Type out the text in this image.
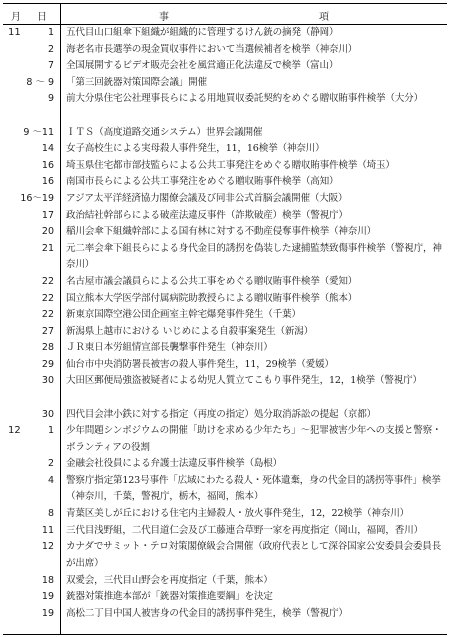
月 日	事	項
11	1 五代目山口組傘下組織が組織的に管理するけん銃の摘発（静岡）
2 海老名市長選挙の現金買収事件において当選候補者を検挙（神奈川）
7 全国展開するビデオ販売会社を風営適正化法違反で検挙（富山）
8 ～ 9 「第三回銃器対策国際会議」開催
9 前大分県住宅公社理事長らによる用地買収委託契約をめぐる贈収賄事件検挙（大分）
9 ～11 ＩＴＳ（高度道路交通システム）世界会議開催
14 女子高校生による実母殺人事件発生，11，16検挙（神奈川）
16 埼玉県住宅都市部技監らによる公共工事発注をめぐる贈収賄事件検挙（埼玉）
16 南国市長らによる公共工事発注をめぐる贈収賄事件検挙（高知）
16～19 アジア太平洋経済協力閣僚会議及び同非公式首脳会議開催（大阪）
17 政治結社幹部らによる破産法違反事件（詐欺破産）検挙（警視庁）
20 稲川会傘下組織幹部による国有林に対する不動産侵奪事件検挙（神奈川）
21 元二率会傘下組長らによる身代金目的誘拐を偽装した逮捕監禁致傷事件検挙（警視庁，神奈川）
22 名古屋市議会議員らによる公共工事をめぐる贈収賄事件検挙（愛知）
22 国立熊本大学医学部付属病院助教授らによる贈収賄事件検挙（熊本）
22 新東京国際空港公団企画室主幹宅爆発事件発生（千葉）
27 新潟県上越市における いじめによる自殺事案発生（新潟）
28 ＪＲ東日本労組情宣部長襲撃事件発生（神奈川）
29 仙台市中央消防署長被害の殺人事件発生，11，29検挙（愛媛）
30 大田区郵便局強盗被疑者による幼児人質立てこもり事件発生，12，1検挙（警視庁）
30 四代目会津小鉄に対する指定（再度の指定）処分取消訴訟の提起（京都）
12	1 少年問題シンポジウムの開催「助けを求める少年たち」～犯罪被害少年への支援と警察・ボランティアの役割
2 金融会社役員による弁護士法違反事件検挙（島根）
4 警察庁指定第123号事件「広域にわたる殺人・死体遺棄，身の代金目的誘拐等事件」検挙（神奈川，千葉，警視庁，栃木，福岡，熊本）
8 青葉区美しが丘における住宅内主婦殺人・放火事件発生，12，22検挙（神奈川）
11 三代目浅野組，二代目道仁会及び工藤連合草野一家を再度指定（岡山，福岡，香川）
12 カナダでサミット・テロ対策閣僚級会合開催（政府代表として深谷国家公安委員会委員長が出席）
18 双愛会，三代目山野会を再度指定（千葉，熊本）
19 銃器対策推進本部が「銃器対策推進要綱」を決定
19 高松二丁目中国人被害身の代金目的誘拐事件発生，検挙（警視庁）
